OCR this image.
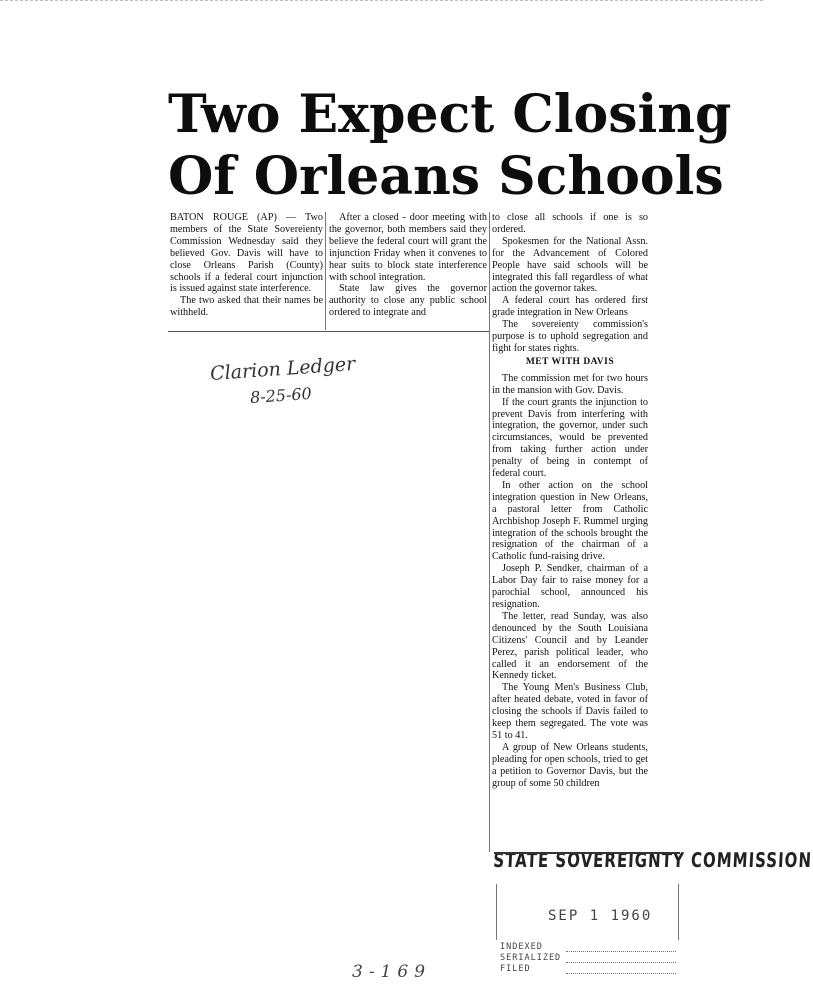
Two Expect Closing
Of Orleans Schools

BATON ROUGE (AP) — Two members of the State Sovereienty Commission Wednesday said they believed Gov. Davis will have to close Orleans Parish (County) schools if a federal court injunction is issued against state interference.

The two asked that their names be withheld.

After a closed - door meeting with the governor, both members said they believe the federal court will grant the injunction Friday when it convenes to hear suits to block state interference with school integration.

State law gives the governor authority to close any public school ordered to integrate and

to close all schools if one is so ordered.

Spokesmen for the National Assn. for the Advancement of Colored People have said schools will be integrated this fall regardless of what action the governor takes.

A federal court has ordered first grade integration in New Orleans

The sovereienty commission's purpose is to uphold segregation and fight for states rights.

MET WITH DAVIS

The commission met for two hours in the mansion with Gov. Davis.

If the court grants the injunction to prevent Davis from interfering with integration, the governor, under such circumstances, would be prevented from taking further action under penalty of being in contempt of federal court.

In other action on the school integration question in New Orleans, a pastoral letter from Catholic Archbishop Joseph F. Rummel urging integration of the schools brought the resignation of the chairman of a Catholic fund-raising drive.

Joseph P. Sendker, chairman of a Labor Day fair to raise money for a parochial school, announced his resignation.

The letter, read Sunday, was also denounced by the South Louisiana Citizens' Council and by Leander Perez, parish political leader, who called it an endorsement of the Kennedy ticket.

The Young Men's Business Club, after heated debate, voted in favor of closing the schools if Davis failed to keep them segregated. The vote was 51 to 41.

A group of New Orleans students, pleading for open schools, tried to get a petition to Governor Davis, but the group of some 50 children

Clarion Ledger
8-25-60
STATE SOVEREIGNTY COMMISSION
SEP 1 1960
INDEXED
SERIALIZED
FILED
3-169
